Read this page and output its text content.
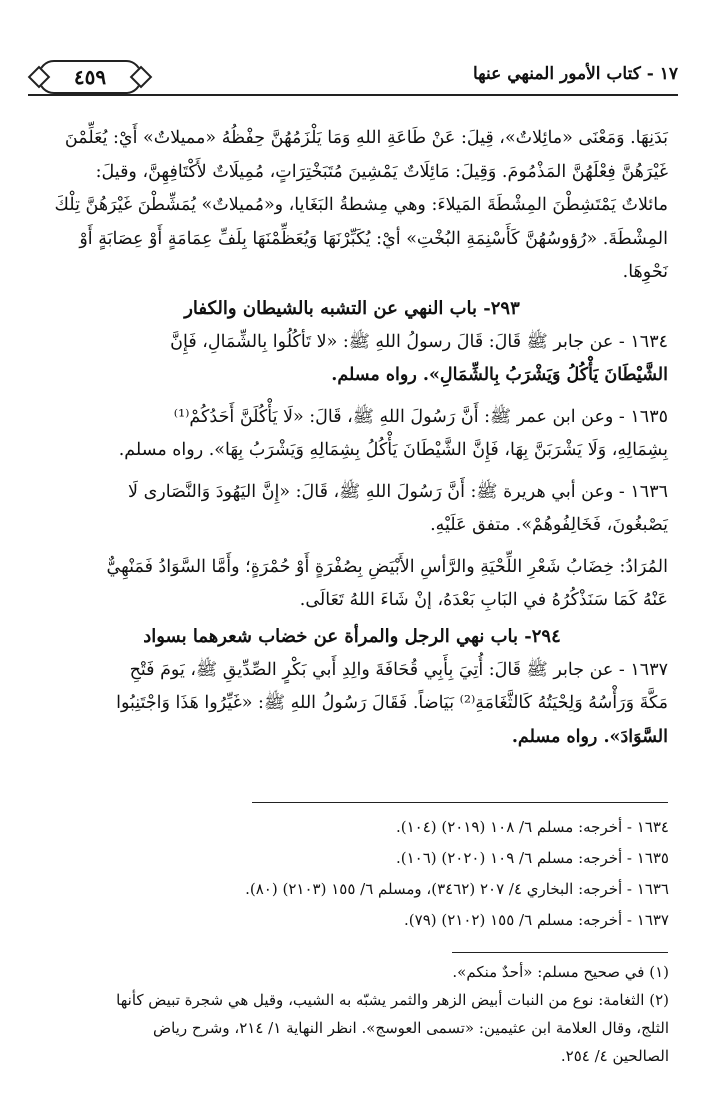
٤٥٩	١٧ - كتاب الأمور المنهي عنها

بَدَنِهَا. وَمَعْنَى «مائِلاتٌ»، قِيلَ: عَنْ طَاعَةِ اللهِ وَمَا يَلْزَمُهُنَّ حِفْظُهُ «مميلاتٌ» أَيْ: يُعَلِّمْنَ

غَيْرَهُنَّ فِعْلَهُنَّ المَذْمُومَ. وَقِيلَ: مَائِلَاتٌ يَمْشِينَ مُتَبَخْتِرَاتٍ، مُمِيلَاتٌ لأَكْتَافِهِنَّ، وقيلَ:

مائلاتٌ يَمْتَشِطْنَ المِشْطَةَ المَيلاءَ: وهي مِشطةُ البَغَايا، و«مُميلاتٌ» يُمَشِّطْنَ غَيْرَهُنَّ تِلْكَ

المِشْطَةَ. «رُؤوسُهُنَّ كَأَسْنِمَةِ البُخْتِ» أيْ: يُكَبِّرْنَهَا وَيُعَظِّمْنَهَا بِلَفِّ عِمَامَةٍ أَوْ عِصَابَةٍ أَوْ

نَحْوِهَا.

٢٩٣- باب النهي عن التشبه بالشيطان والكفار

١٦٣٤ - عن جابر ﷺ قَالَ: قَالَ رسولُ اللهِ ﷺ: «لا تَأكُلُوا بِالشِّمَالِ، فَإِنَّ

الشَّيْطَانَ يَأْكُلُ وَيَشْرَبُ بِالشِّمَالِ». رواه مسلم.

١٦٣٥ - وعن ابن عمر ﷺ: أَنَّ رَسُولَ اللهِ ﷺ، قَالَ: «لَا يَأْكُلَنَّ أَحَدُكُمْ⁽¹⁾

بِشِمَالِهِ، وَلَا يَشْرَبَنَّ بِهَا، فَإِنَّ الشَّيْطَانَ يَأْكُلُ بِشِمَالِهِ وَيَشْرَبُ بِهَا». رواه مسلم.

١٦٣٦ - وعن أبي هريرة ﷺ: أَنَّ رَسُولَ اللهِ ﷺ، قَالَ: «إِنَّ اليَهُودَ وَالنَّصَارى لَا

يَصْبغُونَ، فَخَالِفُوهُمْ». متفق عَلَيْهِ.

المُرَادُ: خِضَابُ شَعْرِ اللِّحْيَةِ والرَّأسِ الأَبْيَضِ بِصُفْرَةٍ أَوْ حُمْرَةٍ؛ وأَمَّا السَّوَادُ فَمَنْهِيٌّ

عَنْهُ كَمَا سَنَذْكُرُهُ في البَابِ بَعْدَهُ، إنْ شَاءَ اللهُ تَعَالَى.

٢٩٤- باب نهي الرجل والمرأة عن خضاب شعرهما بسواد

١٦٣٧ - عن جابر ﷺ قَالَ: أُتِيَ بِأَبِي قُحَافَةَ والِدِ أَبي بَكْرٍ الصِّدِّيقِ ﷺ، يَومَ فَتْحِ

مَكَّةَ وَرَأْسُهُ وَلِحْيَتُهُ كَالثَّغَامَةِ⁽²⁾ بَيَاضاً. فَقَالَ رَسُولُ اللهِ ﷺ: «غَيِّرُوا هَذَا وَاجْتَنِبُوا

السَّوَادَ». رواه مسلم.

١٦٣٤ - أخرجه: مسلم ٦/ ١٠٨ (٢٠١٩) (١٠٤).
١٦٣٥ - أخرجه: مسلم ٦/ ١٠٩ (٢٠٢٠) (١٠٦).
١٦٣٦ - أخرجه: البخاري ٤/ ٢٠٧ (٣٤٦٢)، ومسلم ٦/ ١٥٥ (٢١٠٣) (٨٠).
١٦٣٧ - أخرجه: مسلم ٦/ ١٥٥ (٢١٠٢) (٧٩).
(١) في صحيح مسلم: «أحدٌ منكم».
(٢) الثغامة: نوع من النبات أبيض الزهر والثمر يشبّه به الشيب، وقيل هي شجرة تبيض كأنها
الثلج، وقال العلامة ابن عثيمين: «تسمى العوسج». انظر النهاية ١/ ٢١٤، وشرح رياض
الصالحين ٤/ ٢٥٤.
